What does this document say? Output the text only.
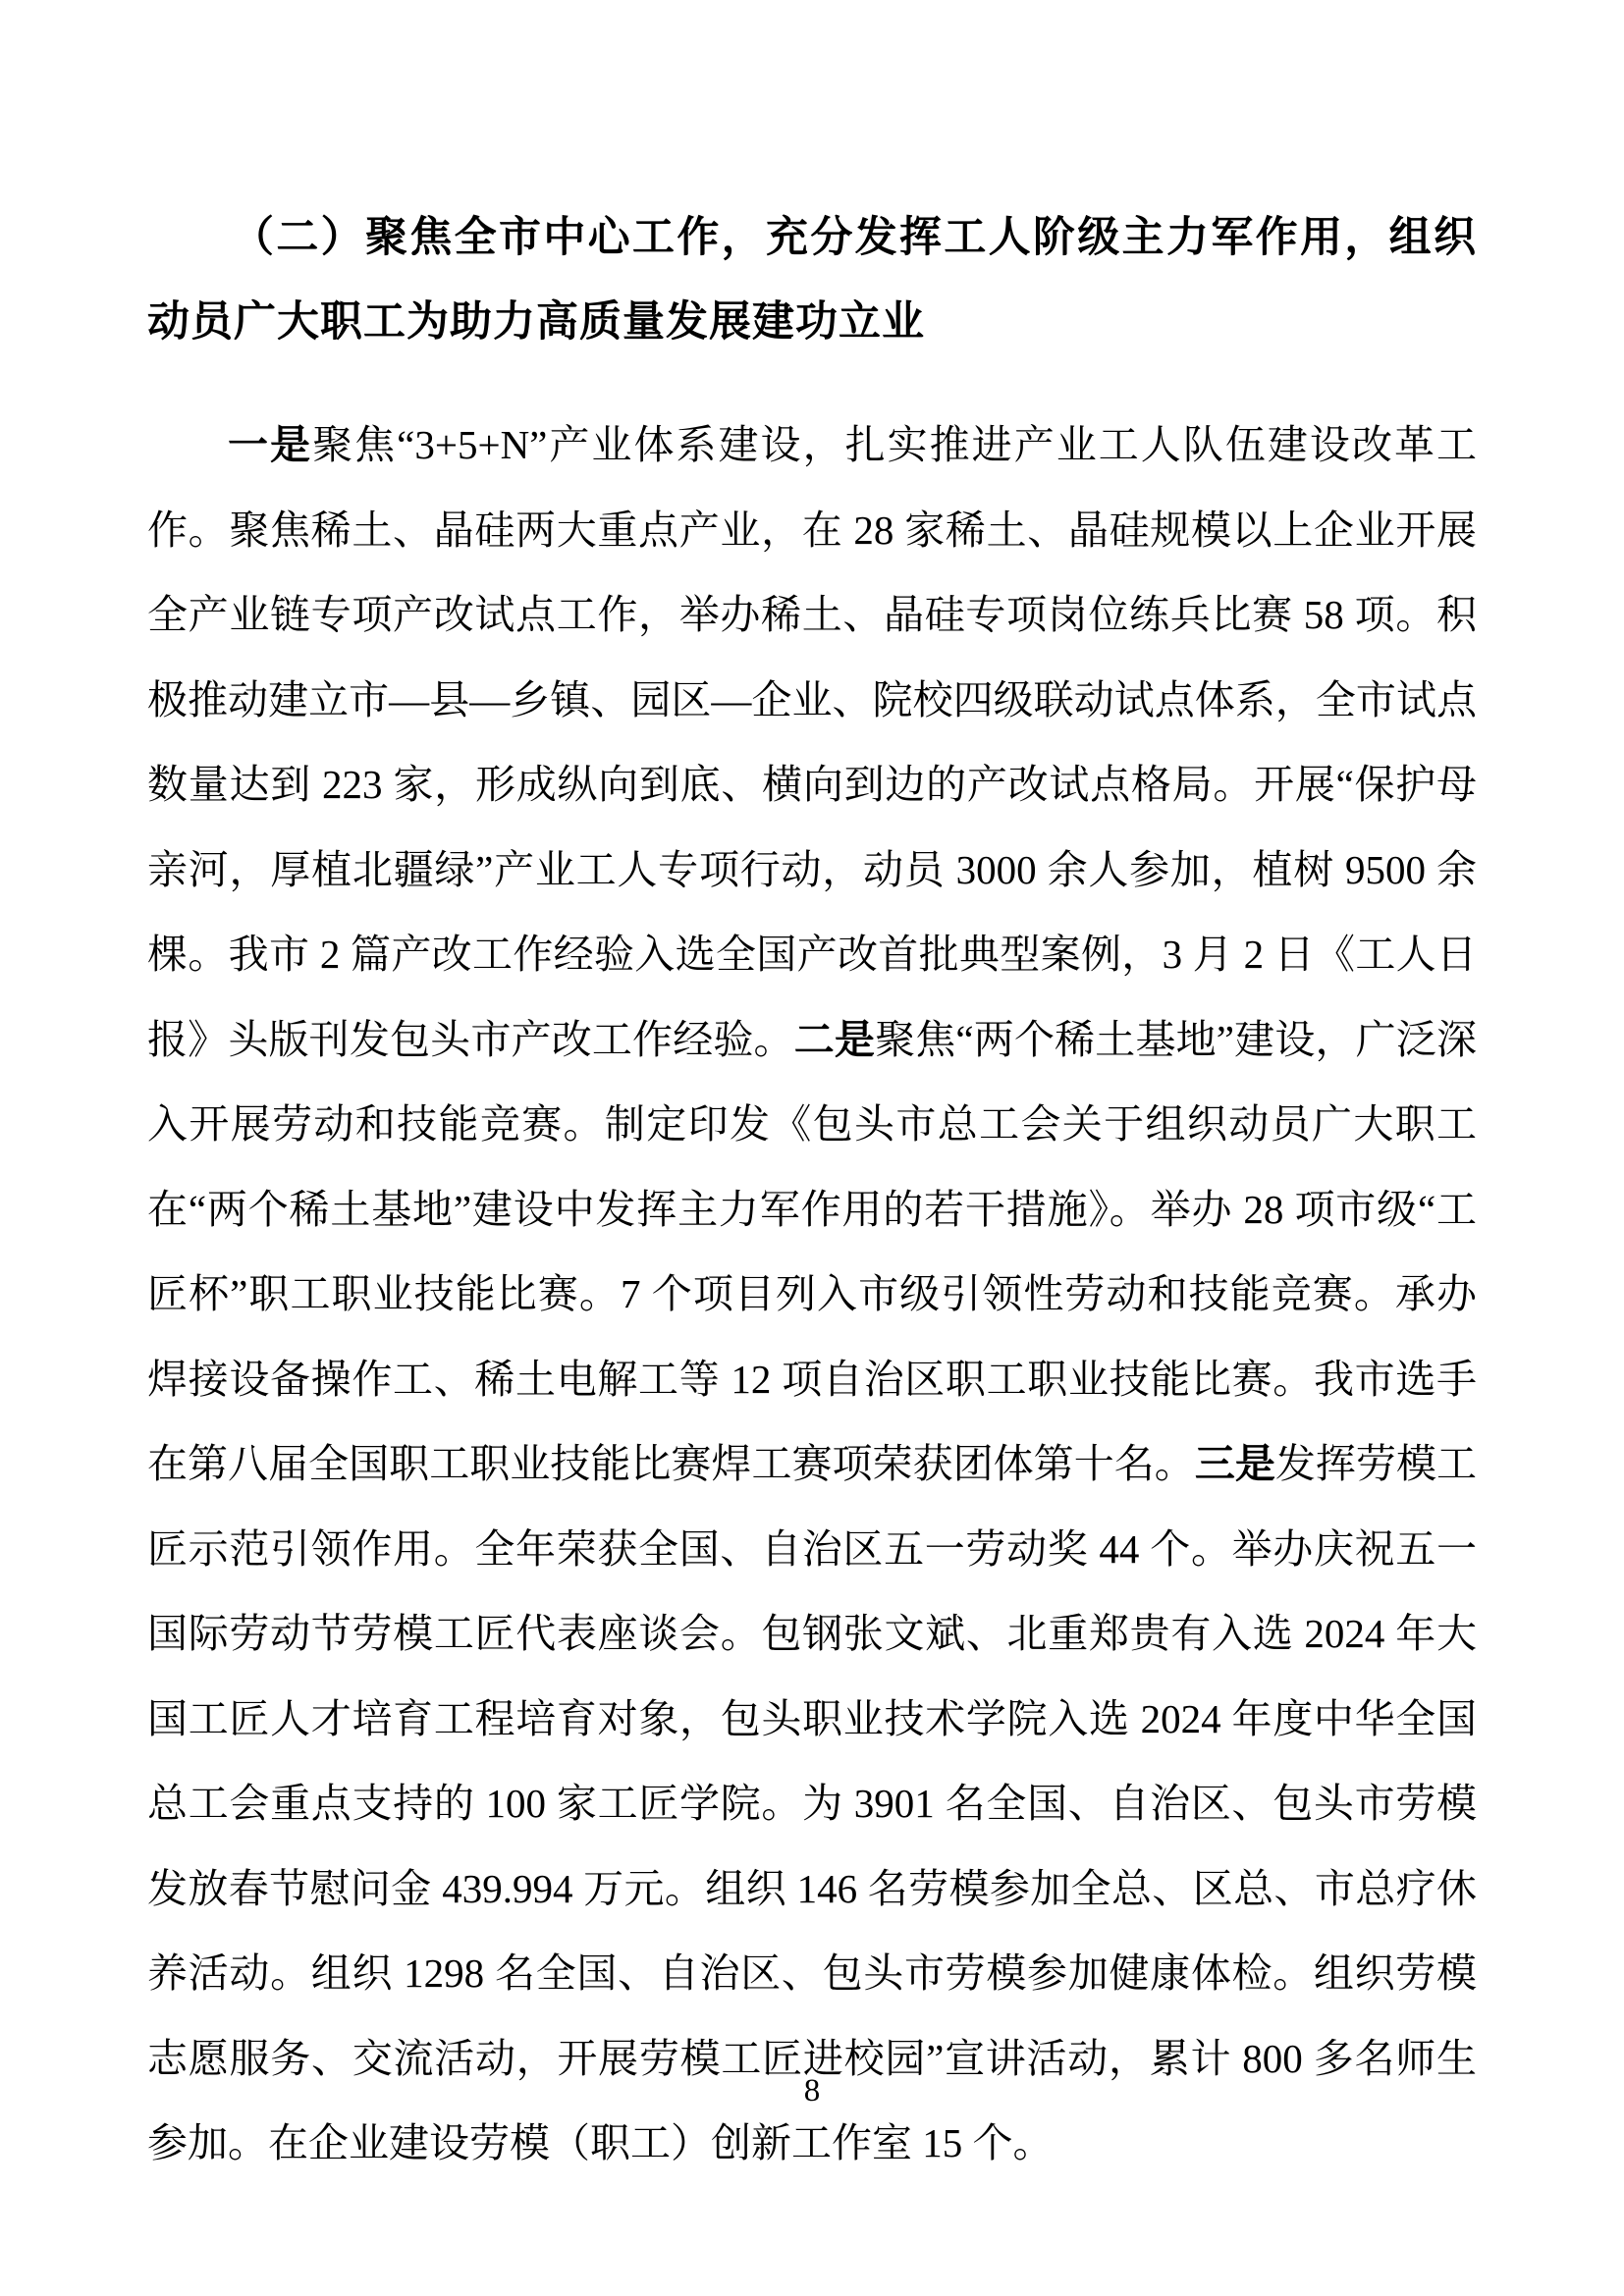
（二）聚焦全市中心工作，充分发挥工人阶级主力军作用，组织动员广大职工为助力高质量发展建功立业

一是聚焦“3+5+N”产业体系建设，扎实推进产业工人队伍建设改革工作。聚焦稀土、晶硅两大重点产业，在 28 家稀土、晶硅规模以上企业开展全产业链专项产改试点工作，举办稀土、晶硅专项岗位练兵比赛 58 项。积极推动建立市—县—乡镇、园区—企业、院校四级联动试点体系，全市试点数量达到 223 家，形成纵向到底、横向到边的产改试点格局。开展“保护母亲河，厚植北疆绿”产业工人专项行动，动员 3000 余人参加，植树 9500 余棵。我市 2 篇产改工作经验入选全国产改首批典型案例，3 月 2 日《工人日报》头版刊发包头市产改工作经验。二是聚焦“两个稀土基地”建设，广泛深入开展劳动和技能竞赛。制定印发《包头市总工会关于组织动员广大职工在“两个稀土基地”建设中发挥主力军作用的若干措施》。举办 28 项市级“工匠杯”职工职业技能比赛。7 个项目列入市级引领性劳动和技能竞赛。承办焊接设备操作工、稀土电解工等 12 项自治区职工职业技能比赛。我市选手在第八届全国职工职业技能比赛焊工赛项荣获团体第十名。三是发挥劳模工匠示范引领作用。全年荣获全国、自治区五一劳动奖 44 个。举办庆祝五一国际劳动节劳模工匠代表座谈会。包钢张文斌、北重郑贵有入选 2024 年大国工匠人才培育工程培育对象，包头职业技术学院入选 2024 年度中华全国总工会重点支持的 100 家工匠学院。为 3901 名全国、自治区、包头市劳模发放春节慰问金 439.994 万元。组织 146 名劳模参加全总、区总、市总疗休养活动。组织 1298 名全国、自治区、包头市劳模参加健康体检。组织劳模志愿服务、交流活动，开展劳模工匠进校园”宣讲活动，累计 800 多名师生参加。在企业建设劳模（职工）创新工作室 15 个。

8
